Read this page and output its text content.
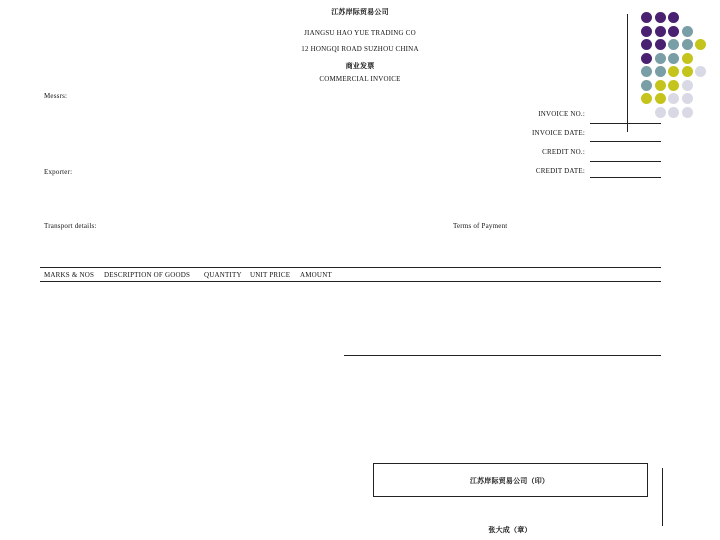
江苏岸际贸易公司
JIANGSU HAO YUE TRADING CO
12 HONGQI ROAD SUZHOU CHINA
商业发票
COMMERCIAL INVOICE
Messrs:
Exporter:
Transport details:	Terms of Payment
INVOICE NO.:
INVOICE DATE:
CREDIT NO.:
CREDIT DATE:
MARKS & NOS DESCRIPTION OF GOODS QUANTITY UNIT PRICE AMOUNT
江苏岸际贸易公司（印）
张大成（章）
